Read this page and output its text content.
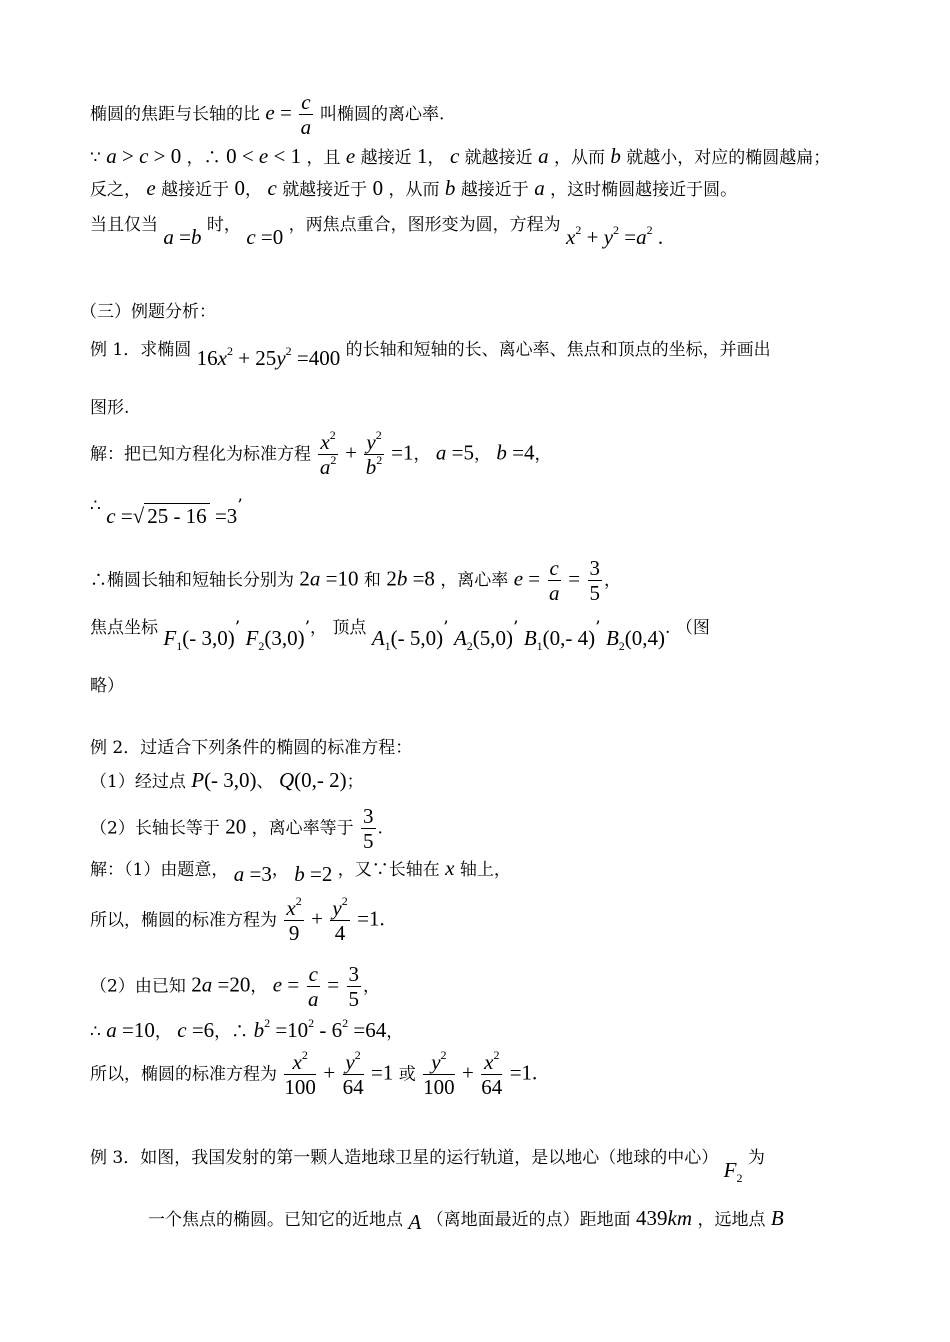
椭圆的焦距与长轴的比 $e = \frac{c}{a}$ 叫椭圆的离心率.
∵ a > c > 0 ，∴ 0 < e < 1 ，且 e 越接近 1， c 就越接近 a ，从而 b 就越小，对应的椭圆越扁；
反之， e 越接近于 0， c 就越接近于 0 ，从而 b 越接近于 a ，这时椭圆越接近于圆。
当且仅当 a =b 时， c =0 ，两焦点重合，图形变为圆，方程为 $x^2 + y^2 =a^2$ .
（三）例题分析：
例 1．求椭圆 $16x^2 + 25y^2 =400$ 的长轴和短轴的长、离心率、焦点和顶点的坐标，并画出
图形.
解：把已知方程化为标准方程 $\frac{x^2}{a^2} + \frac{y^2}{b^2} =1$， a =5， b =4，
∴ c =√ 25 - 16 =3’
∴椭圆长轴和短轴长分别为 2a =10 和 2b =8 ，离心率 $e = \frac{c}{a} = \frac{3}{5}$ ，
焦点坐标 $F_1(-$ 3,0)’ $F_2(3,0)$’， 顶点 $A_1(-$ 5,0)’ $A_2(5,0)$’ $B_1(0,-$ 4)’ $B_2(0,4)$. （图
略）
例 2．过适合下列条件的椭圆的标准方程：
（1）经过点 P(- 3,0)、 Q(0,- 2)；
（2）长轴长等于 20 ，离心率等于 $\frac{3}{5}$ .
解：（1）由题意， a =3， b =2 ，又∵长轴在 x 轴上，
所以，椭圆的标准方程为 $\frac{x^2}{9} + \frac{y^2}{4} =1$.
（2）由已知 2a =20， $e = \frac{c}{a} = \frac{3}{5}$ ，
∴ a =10， c =6，∴ $b^2 =10^2 - 6^2 =64$，
所以，椭圆的标准方程为 $\frac{x^2}{100} + \frac{y^2}{64} =1$ 或 $\frac{y^2}{100} + \frac{x^2}{64} =1$.
例 3．如图，我国发射的第一颗人造地球卫星的运行轨道，是以地心（地球的中心） $F_2$ 为
一个焦点的椭圆。已知它的近地点 A （离地面最近的点）距地面 439km ，远地点 B
